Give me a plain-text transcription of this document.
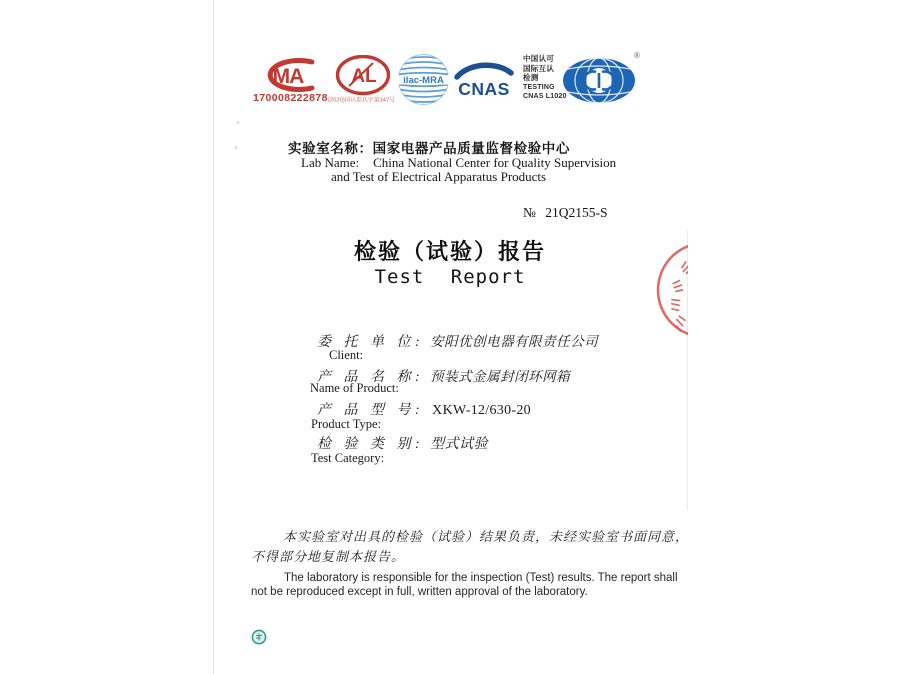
MA
170008222878
AL
(2020)国认监认字第347号
ilac-MRA CNAS
中国认可
国际互认
检测
TESTING
CNAS L1020
®
实验室名称：国家电器产品质量监督检验中心
Lab Name: China National Center for Quality Supervision
and Test of Electrical Apparatus Products
№ 21Q2155-S
检验（试验）报告
Test Report
委 托 单 位: 安阳优创电器有限责任公司
Client:
产 品 名 称: 预装式金属封闭环网箱
Name of Product:
产 品 型 号: XKW-12/630-20
Product Type:
检 验 类 别: 型式试验
Test Category:
本实验室对出具的检验（试验）结果负责，未经实验室书面同意，
不得部分地复制本报告。
The laboratory is responsible for the inspection (Test) results. The report shall
not be reproduced except in full, written approval of the laboratory.
